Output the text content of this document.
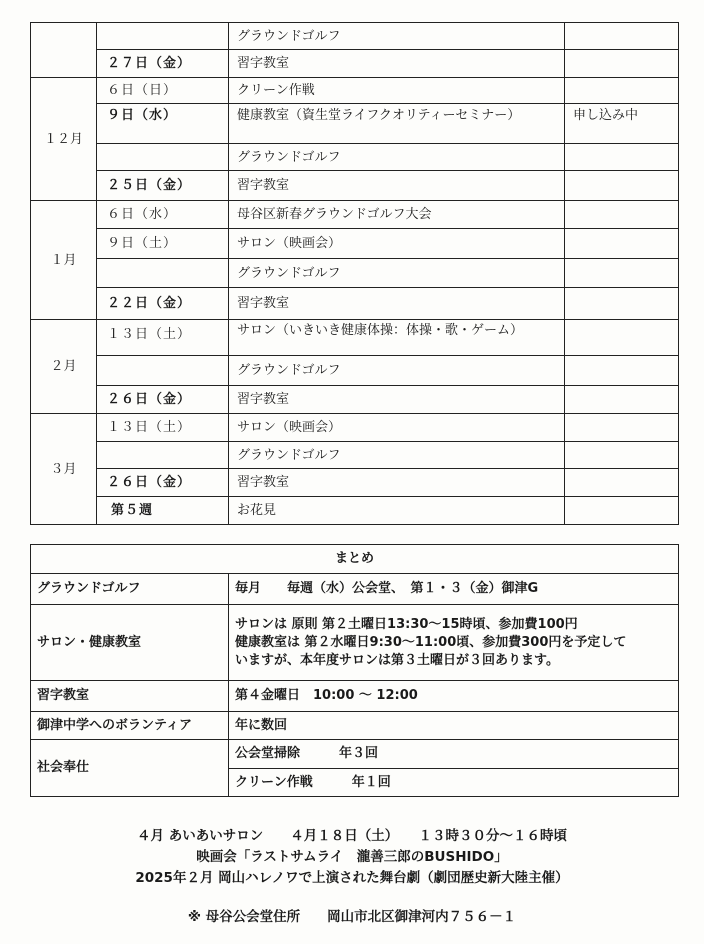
		グラウンドゴルフ	
	２７日（金）	習字教室	
１２月	６日（日）	クリーン作戦	
	９日（水）	健康教室（資生堂ライフクオリティーセミナー）	申し込み中
		グラウンドゴルフ	
	２５日（金）	習字教室	
１月	６日（水）	母谷区新春グラウンドゴルフ大会	
	９日（土）	サロン（映画会）	
		グラウンドゴルフ	
	２２日（金）	習字教室	
２月	１３日（土）	サロン（いきいき健康体操：体操・歌・ゲーム）	
		グラウンドゴルフ	
	２６日（金）	習字教室	
３月	１３日（土）	サロン（映画会）	
		グラウンドゴルフ	
	２６日（金）	習字教室	
	第５週	お花見	
まとめ	
グラウンドゴルフ	毎月　　毎週（水）公会堂、　第１・３（金）御津G
サロン・健康教室	サロンは 原則 第２土曜日13:30〜15時頃、参加費100円
健康教室は 第２水曜日9:30〜11:00頃、参加費300円を予定して
いますが、本年度サロンは第３土曜日が３回あります。

習字教室	第４金曜日　10:00 〜 12:00
御津中学へのボランティア	年に数回
社会奉仕	公会堂掃除　　　年３回
	クリーン作戦　　　年１回

４月 あいあいサロン　　４月１８日（土）　　１３時３０分〜１６時頃

映画会「ラストサムライ　瀧善三郎のBUSHIDO」

2025年２月 岡山ハレノワで上演された舞台劇（劇団歴史新大陸主催）

※ 母谷公会堂住所　　岡山市北区御津河内７５６－１
